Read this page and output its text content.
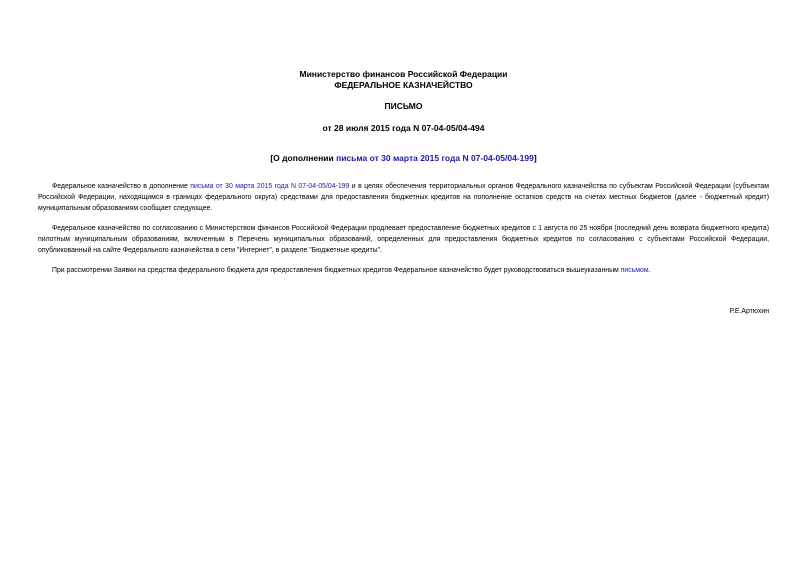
Министерство финансов Российской Федерации
ФЕДЕРАЛЬНОЕ КАЗНАЧЕЙСТВО
ПИСЬМО
от 28 июля 2015 года N 07-04-05/04-494
[О дополнении письма от 30 марта 2015 года N 07-04-05/04-199]

Федеральное казначейство в дополнение письма от 30 марта 2015 года N 07-04-05/04-199 и в целях обеспечения территориальных органов Федерального казначейства по субъектам Российской Федерации (субъектам Российской Федерации, находящимся в границах федерального округа) средствами для предоставления бюджетных кредитов на пополнение остатков средств на счетах местных бюджетов (далее - бюджетный кредит) муниципальным образованиям сообщает следующее.

Федеральное казначейство по согласованию с Министерством финансов Российской Федерации продлевает предоставление бюджетных кредитов с 1 августа по 25 ноября (последний день возврата бюджетного кредита) пилотным муниципальным образованиям, включенным в Перечень муниципальных образований, определенных для предоставления бюджетных кредитов по согласованию с субъектами Российской Федерации, опубликованный на сайте Федерального казначейства в сети "Интернет", в разделе "Бюджетные кредиты".

При рассмотрении Заявки на средства федерального бюджета для предоставления бюджетных кредитов Федеральное казначейство будет руководствоваться вышеуказанным письмом.

Р.Е.Артюхин
